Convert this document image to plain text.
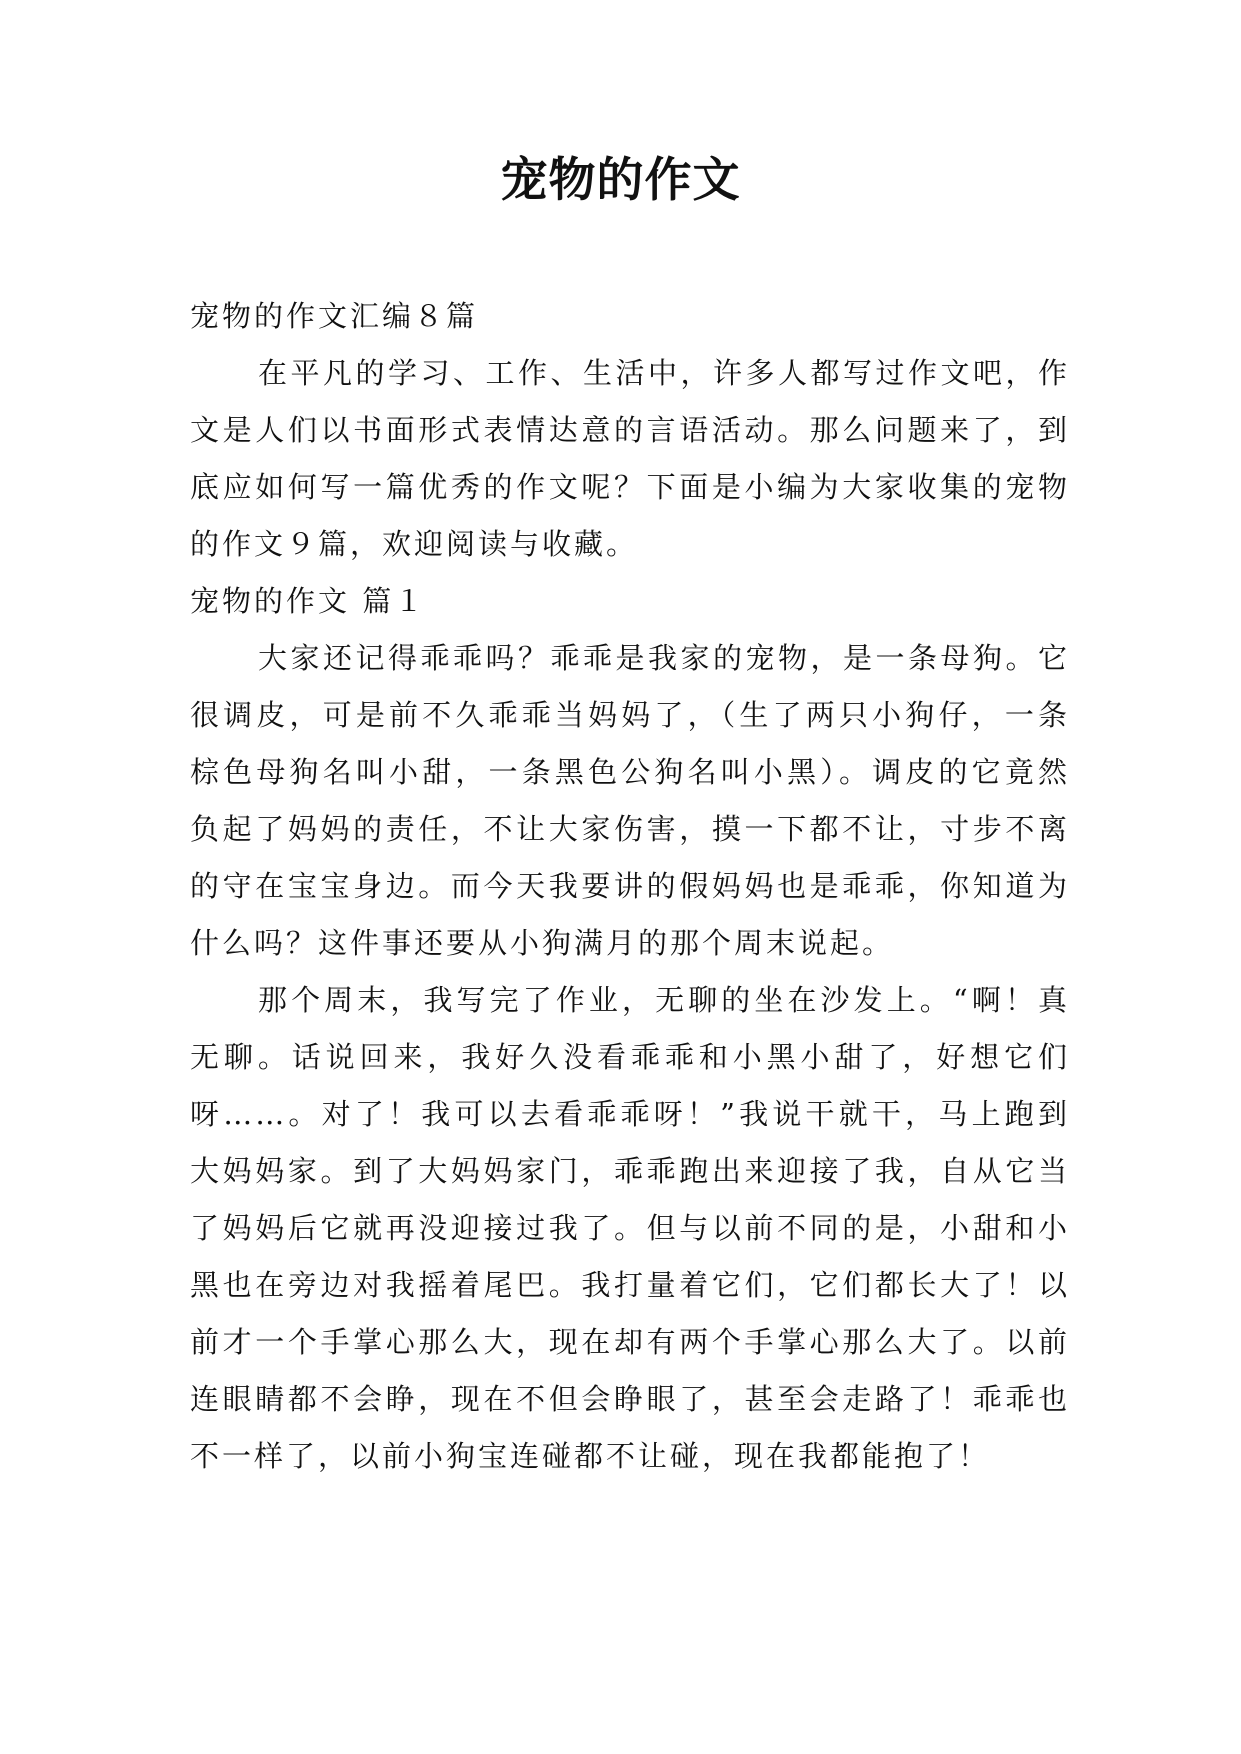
宠物的作文

宠物的作文汇编８篇

在平凡的学习、工作、生活中，许多人都写过作文吧，作文是人们以书面形式表情达意的言语活动。那么问题来了，到底应如何写一篇优秀的作文呢？下面是小编为大家收集的宠物的作文９篇，欢迎阅读与收藏。

宠物的作文 篇１

大家还记得乖乖吗？乖乖是我家的宠物，是一条母狗。它很调皮，可是前不久乖乖当妈妈了，（生了两只小狗仔，一条棕色母狗名叫小甜，一条黑色公狗名叫小黑）。调皮的它竟然负起了妈妈的责任，不让大家伤害，摸一下都不让，寸步不离的守在宝宝身边。而今天我要讲的假妈妈也是乖乖，你知道为什么吗？这件事还要从小狗满月的那个周末说起。

那个周末，我写完了作业，无聊的坐在沙发上。“啊！真无聊。话说回来，我好久没看乖乖和小黑小甜了，好想它们呀……。对了！我可以去看乖乖呀！”我说干就干，马上跑到大妈妈家。到了大妈妈家门，乖乖跑出来迎接了我，自从它当了妈妈后它就再没迎接过我了。但与以前不同的是，小甜和小黑也在旁边对我摇着尾巴。我打量着它们，它们都长大了！以前才一个手掌心那么大，现在却有两个手掌心那么大了。以前连眼睛都不会睁，现在不但会睁眼了，甚至会走路了！乖乖也不一样了，以前小狗宝连碰都不让碰，现在我都能抱了！
